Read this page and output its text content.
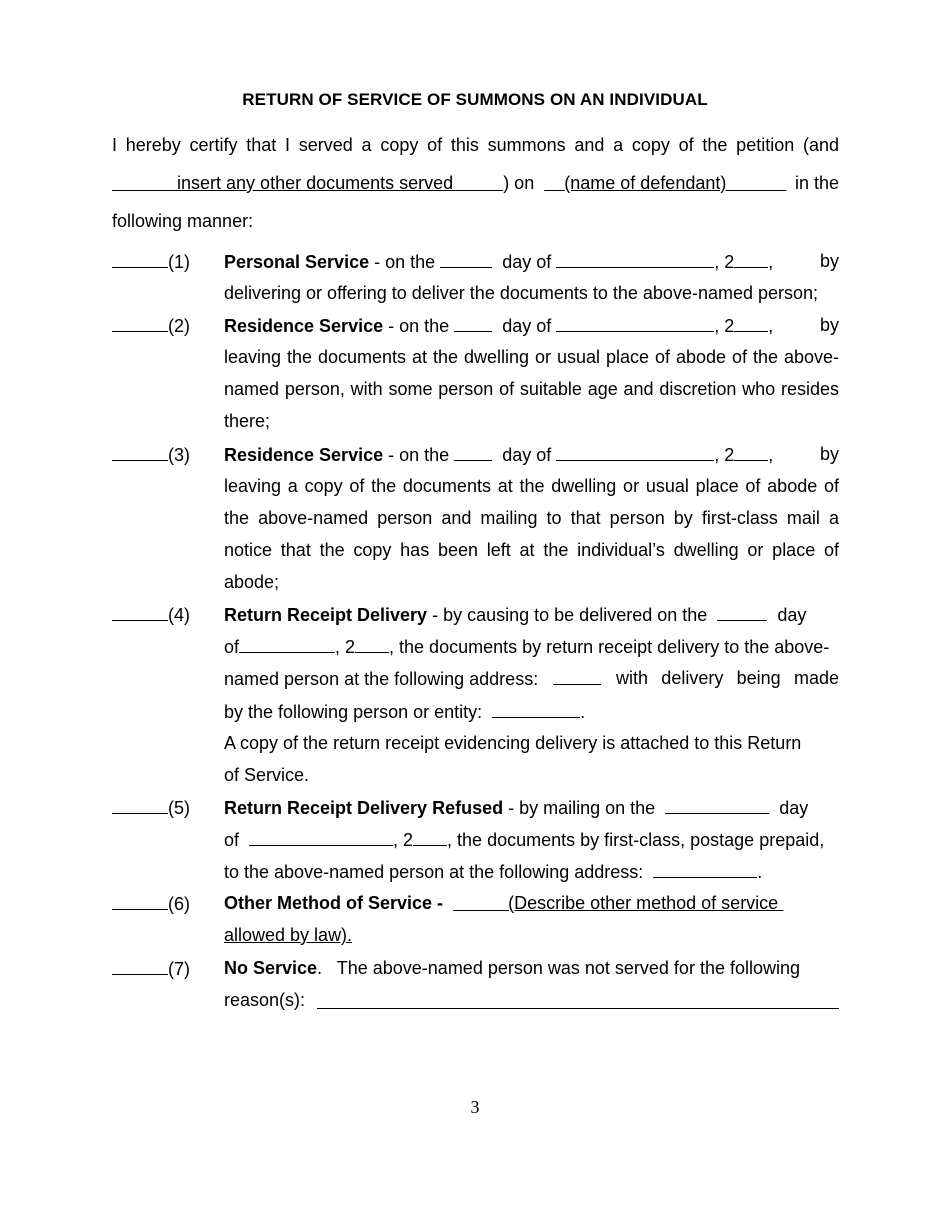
RETURN OF SERVICE OF SUMMONS ON AN INDIVIDUAL
I hereby certify that I served a copy of this summons and a copy of the petition (and
insert any other documents served	) on (name of defendant)	in the
following manner:
(1) Personal Service - on the	day of	, 2 ,	by
delivering or offering to deliver the documents to the above-named person;
(2) Residence Service - on the	day of	, 2 ,	by
leaving the documents at the dwelling or usual place of abode of the above-
named person, with some person of suitable age and discretion who resides
there;
(3) Residence Service - on the	day of	, 2 ,	by
leaving a copy of the documents at the dwelling or usual place of abode of
the above-named person and mailing to that person by first-class mail a
notice that the copy has been left at the individual’s dwelling or place of
abode;
(4) Return Receipt Delivery - by causing to be delivered on the	day
of	, 2 , the documents by return receipt delivery to the above-
named person at the following address:	with delivery being made
by the following person or entity:	.
A copy of the return receipt evidencing delivery is attached to this Return
of Service.
(5) Return Receipt Delivery Refused - by mailing on the	day
of	, 2 , the documents by first-class, postage prepaid,
to the above-named person at the following address:	.
(6) Other Method of Service -	(Describe other method of service
allowed by law).
(7) No Service.   The above-named person was not served for the following
reason(s):
3
